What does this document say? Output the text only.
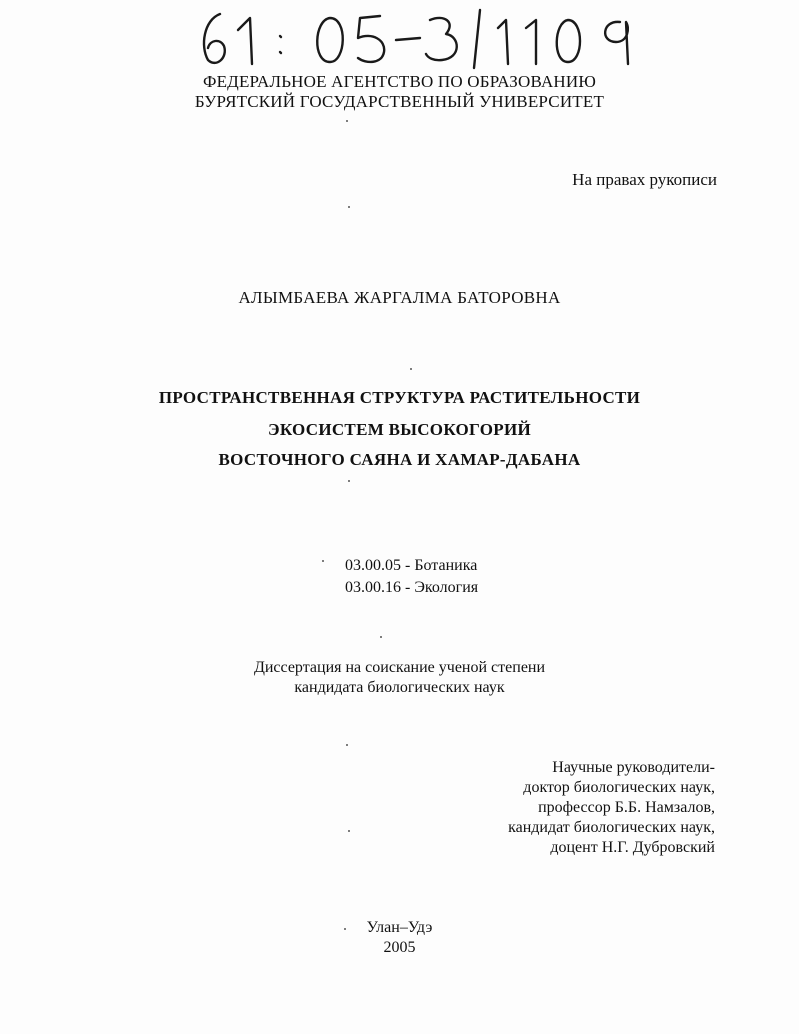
ФЕДЕРАЛЬНОЕ АГЕНТСТВО ПО ОБРАЗОВАНИЮ
БУРЯТСКИЙ ГОСУДАРСТВЕННЫЙ УНИВЕРСИТЕТ
На правах рукописи
АЛЫМБАЕВА ЖАРГАЛМА БАТОРОВНА
ПРОСТРАНСТВЕННАЯ СТРУКТУРА РАСТИТЕЛЬНОСТИ
ЭКОСИСТЕМ ВЫСОКОГОРИЙ
ВОСТОЧНОГО САЯНА И ХАМАР-ДАБАНА
03.00.05 - Ботаника
03.00.16 - Экология
Диссертация на соискание ученой степени
кандидата биологических наук
Научные руководители-
доктор биологических наук,
профессор Б.Б. Намзалов,
кандидат биологических наук,
доцент Н.Г. Дубровский
Улан–Удэ
2005
